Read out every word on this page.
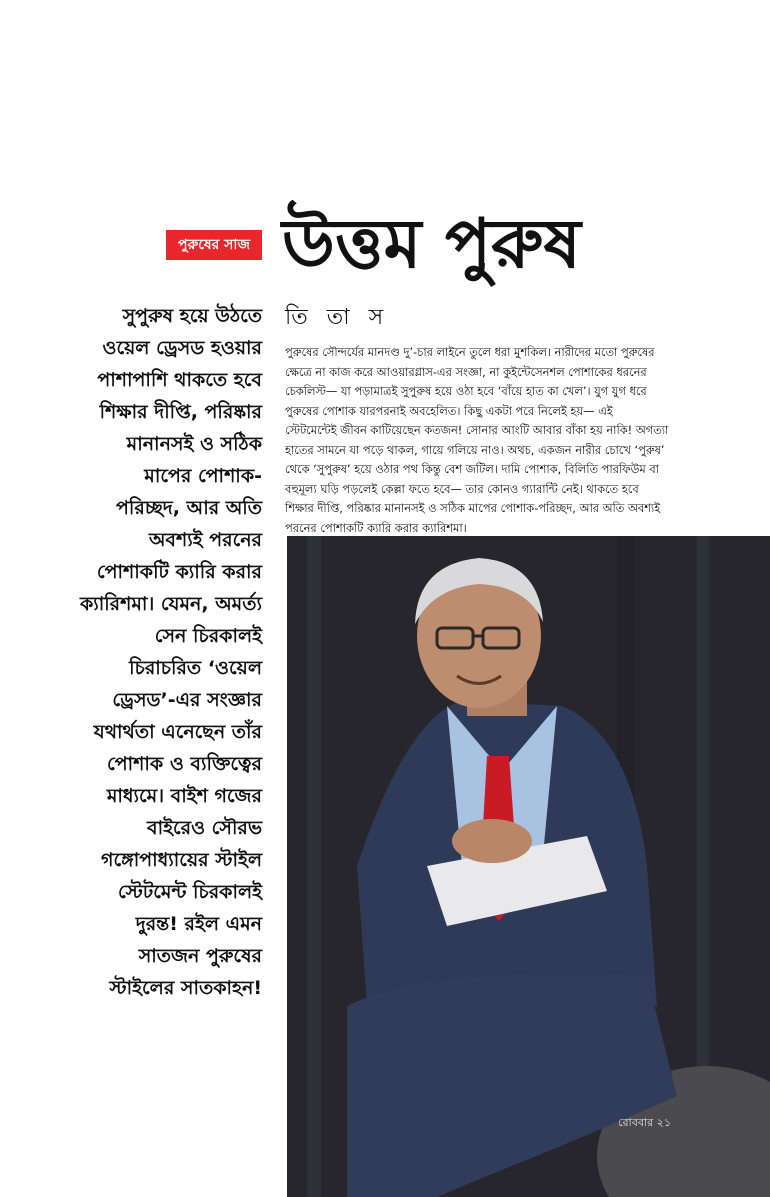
পুরুষের সাজ উত্তম পুরুষ
তি তা স
সুপুরুষ হয়ে উঠতে
ওয়েল ড্রেসড হওয়ার
পাশাপাশি থাকতে হবে
শিক্ষার দীপ্তি, পরিষ্কার
মানানসই ও সঠিক
মাপের পোশাক-
পরিচ্ছদ, আর অতি
অবশ্যই পরনের
পোশাকটি ক্যারি করার
ক্যারিশমা। যেমন, অমর্ত্য
সেন চিরকালই
চিরাচরিত ‘ওয়েল
ড্রেসড’-এর সংজ্ঞার
যথার্থতা এনেছেন তাঁর
পোশাক ও ব্যক্তিত্বের
মাধ্যমে। বাইশ গজের
বাইরেও সৌরভ
গঙ্গোপাধ্যায়ের স্টাইল
স্টেটমেন্ট চিরকালই
দুরন্ত! রইল এমন
সাতজন পুরুষের
স্টাইলের সাতকাহন!
পুরুষের সৌন্দর্যের মানদণ্ড দু’-চার লাইনে তুলে ধরা মুশকিল। নারীদের মতো পুরুষের
ক্ষেত্রে না কাজ করে আওয়ারগ্লাস-এর সংজ্ঞা, না কুইন্টেসেনশল পোশাকের ধরনের
চেকলিস্ট— যা পড়ামাত্রই সুপুরুষ হয়ে ওঠা হবে ‘বাঁয়ে হাত কা খেল’। যুগ যুগ ধরে
পুরুষের পোশাক যারপরনাই অবহেলিত। কিছু একটা পরে নিলেই হয়— এই
স্টেটমেন্টেই জীবন কাটিয়েছেন কতজন! সোনার আংটি আবার বাঁকা হয় নাকি! অগত্যা
হাতের সামনে যা পড়ে থাকল, গায়ে গলিয়ে নাও। অথচ, একজন নারীর চোখে ‘পুরুষ’
থেকে ‘সুপুরুষ’ হয়ে ওঠার পথ কিন্তু বেশ জটিল। দামি পোশাক, বিলিতি পারফিউম বা
বহুমূল্য ঘড়ি পড়লেই কেল্লা ফতে হবে— তার কোনও গ্যারান্টি নেই। থাকতে হবে
শিক্ষার দীপ্তি, পরিষ্কার মানানসই ও সঠিক মাপের পোশাক-পরিচ্ছদ, আর অতি অবশ্যই
পরনের পোশাকটি ক্যারি করার ক্যারিশমা।
রোববার ২১
